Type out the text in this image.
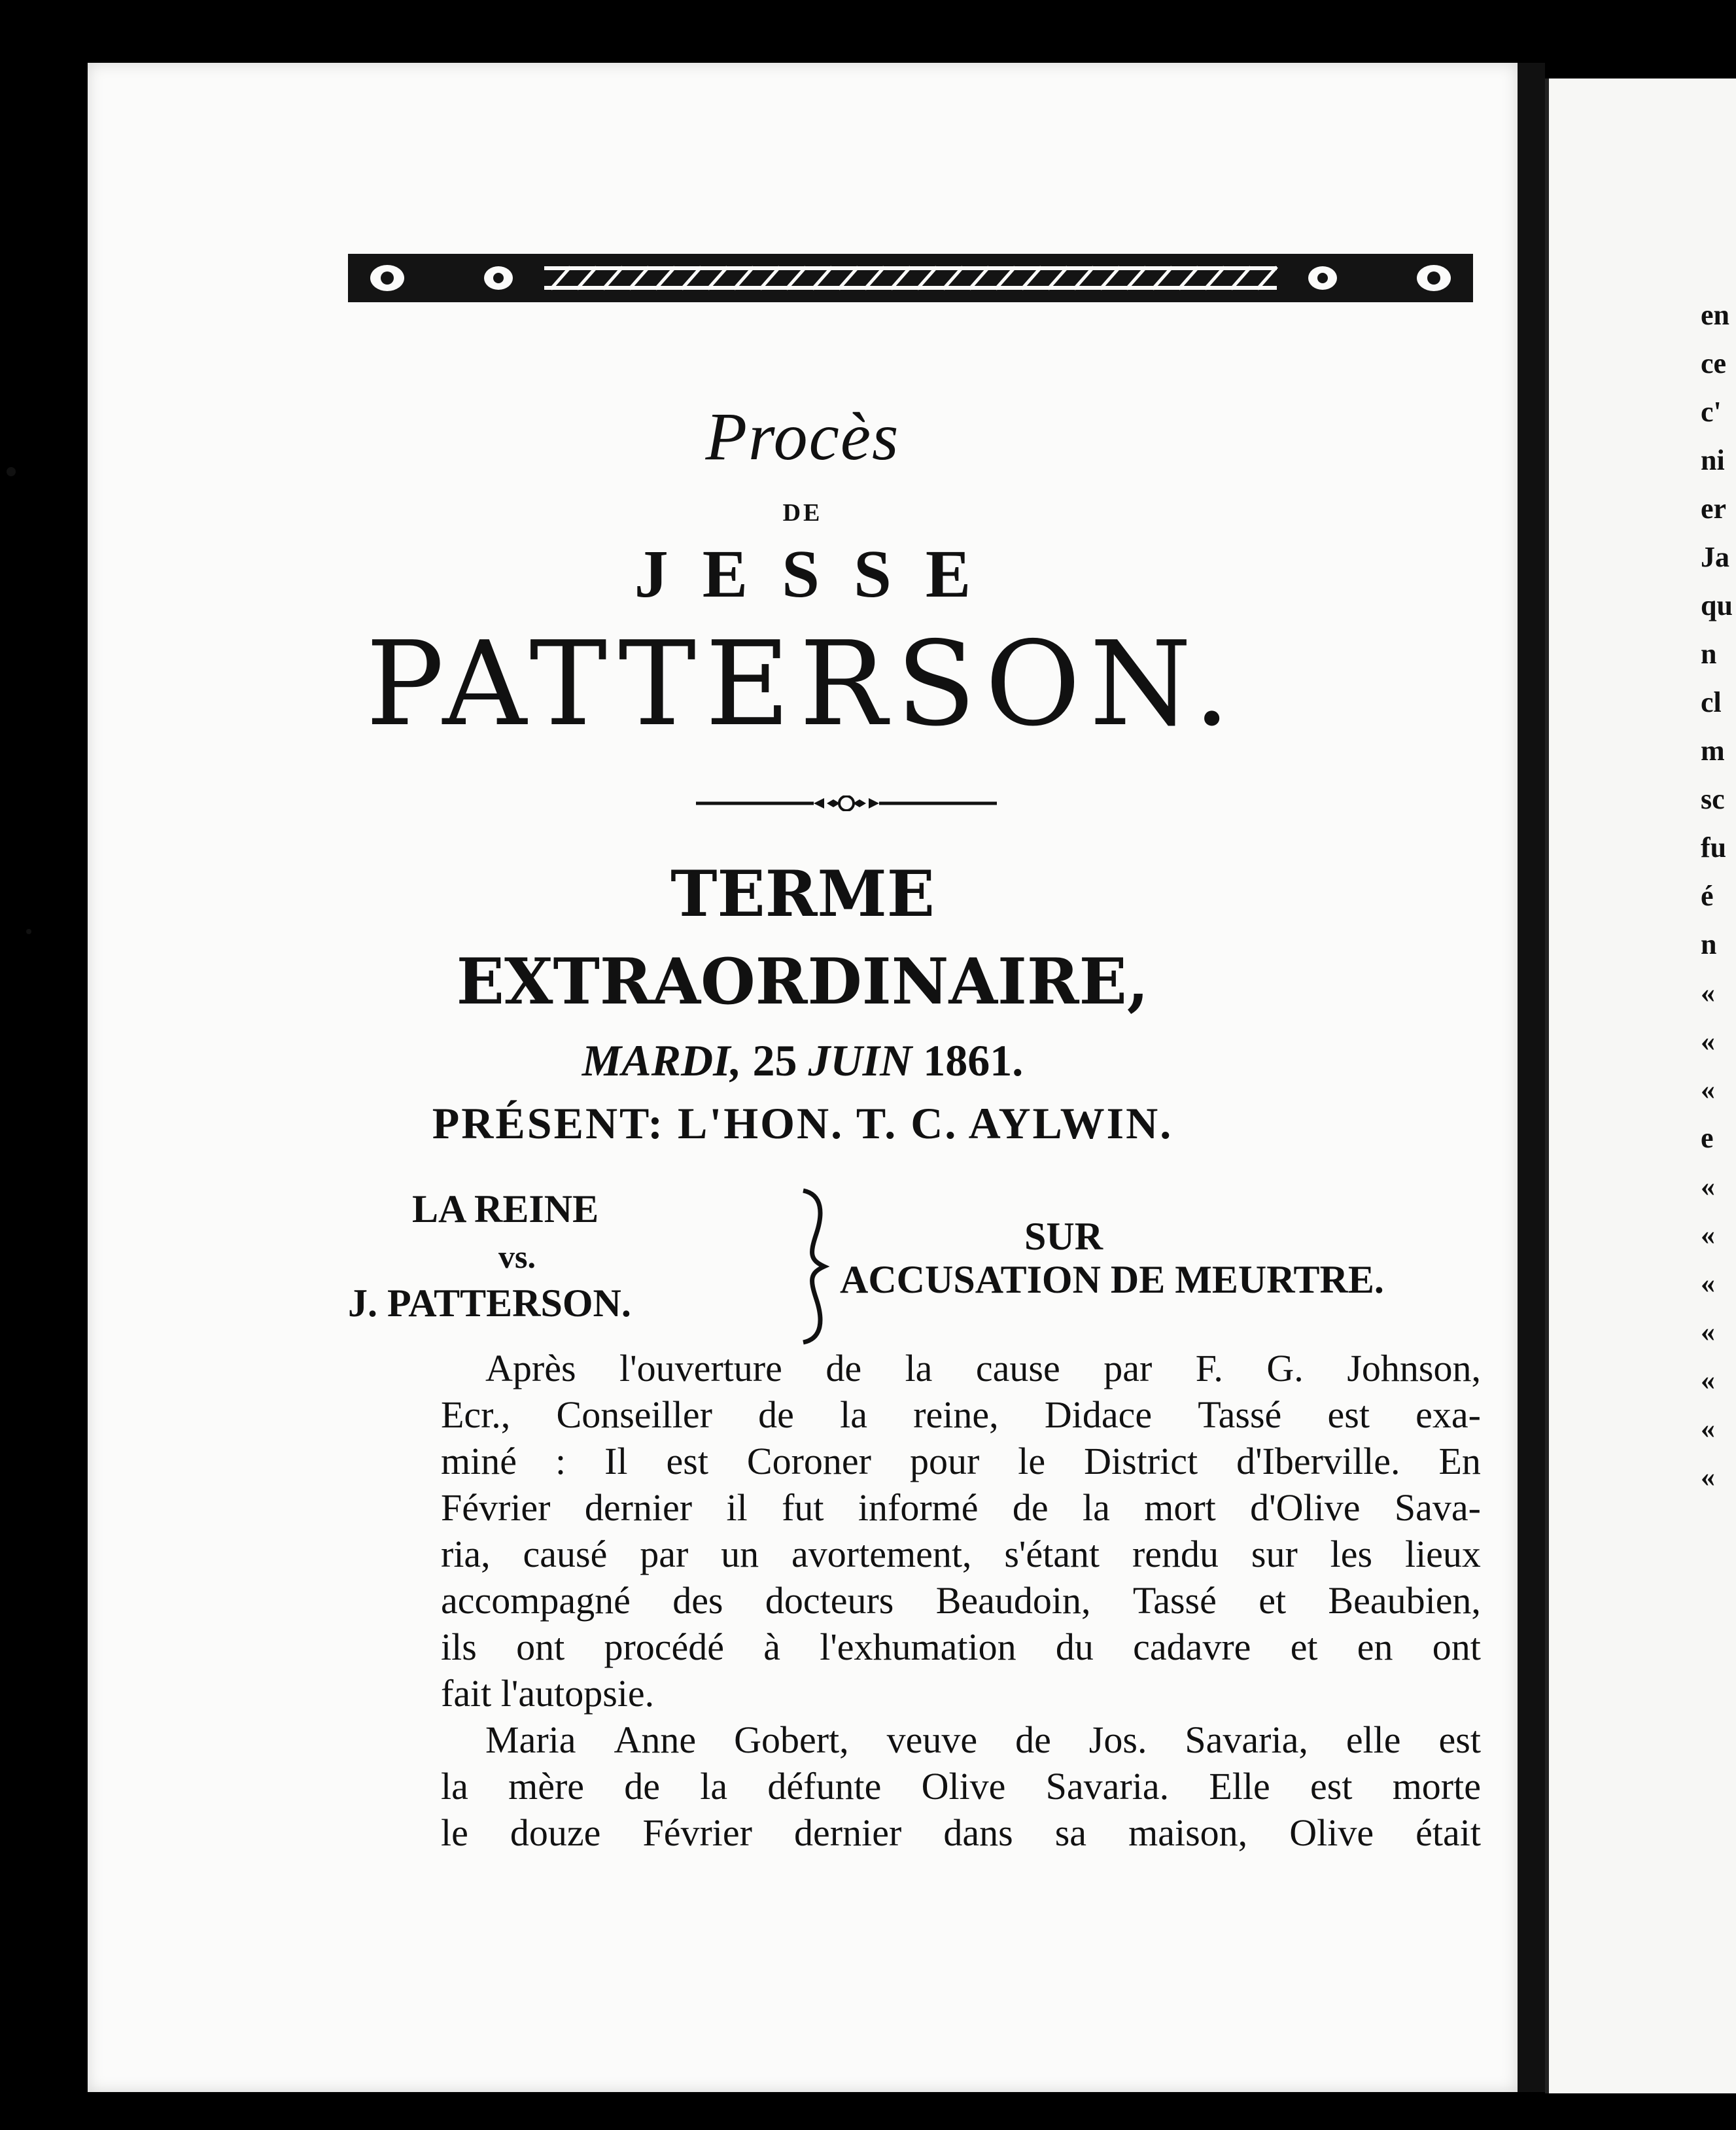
en
ce
c'
ni
er
Ja
qu
n
cl
m
sc
fu
é
n
«
«
«
e
«
«
«
«
«
«
«
Procès
DE
JESSE
PATTERSON.
TERME
EXTRAORDINAIRE,
MARDI, 25 JUIN 1861.
PRÉSENT: L'HON. T. C. AYLWIN.
LA REINE
vs.
J. PATTERSON.
SUR
ACCUSATION DE MEURTRE.
Après l'ouverture de la cause par F. G. Johnson,
Ecr., Conseiller de la reine, Didace Tassé est exa-
miné : Il est Coroner pour le District d'Iberville. En
Février dernier il fut informé de la mort d'Olive Sava-
ria, causé par un avortement, s'étant rendu sur les lieux
accompagné des docteurs Beaudoin, Tassé et Beaubien,
ils ont procédé à l'exhumation du cadavre et en ont
fait l'autopsie.
Maria Anne Gobert, veuve de Jos. Savaria, elle est
la mère de la défunte Olive Savaria. Elle est morte
le douze Février dernier dans sa maison, Olive était
